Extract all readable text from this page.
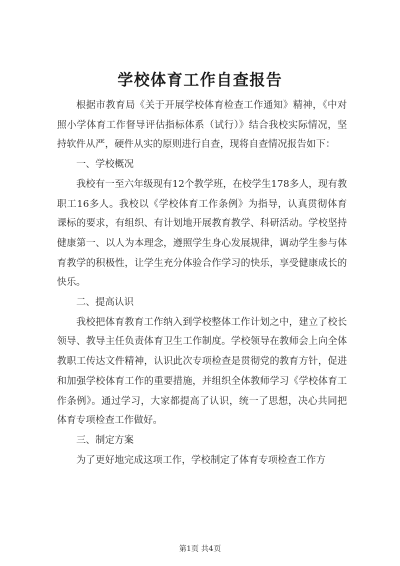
学校体育工作自查报告

根据市教育局《关于开展学校体育检查工作通知》精神，《中对照小学体育工作督导评估指标体系（试行）》结合我校实际情况，坚持软件从严，硬件从实的原则进行自查，现将自查情况报告如下：

一、学校概况

我校有一至六年级现有12个教学班，在校学生178多人，现有教职工16多人。我校以《学校体育工作条例》为指导，认真贯彻体育课标的要求，有组织、有计划地开展教育教学、科研活动。学校坚持健康第一、以人为本理念，遵照学生身心发展规律，调动学生参与体育教学的积极性，让学生充分体验合作学习的快乐，享受健康成长的快乐。

二、提高认识

我校把体育教育工作纳入到学校整体工作计划之中，建立了校长领导、教导主任负责体育卫生工作制度。学校领导在教师会上向全体教职工传达文件精神，认识此次专项检查是贯彻党的教育方针，促进和加强学校体育工作的重要措施，并组织全体教师学习《学校体育工作条例》。通过学习，大家都提高了认识，统一了思想，决心共同把体育专项检查工作做好。

三、制定方案

为了更好地完成这项工作，学校制定了体育专项检查工作方

第1页 共4页
